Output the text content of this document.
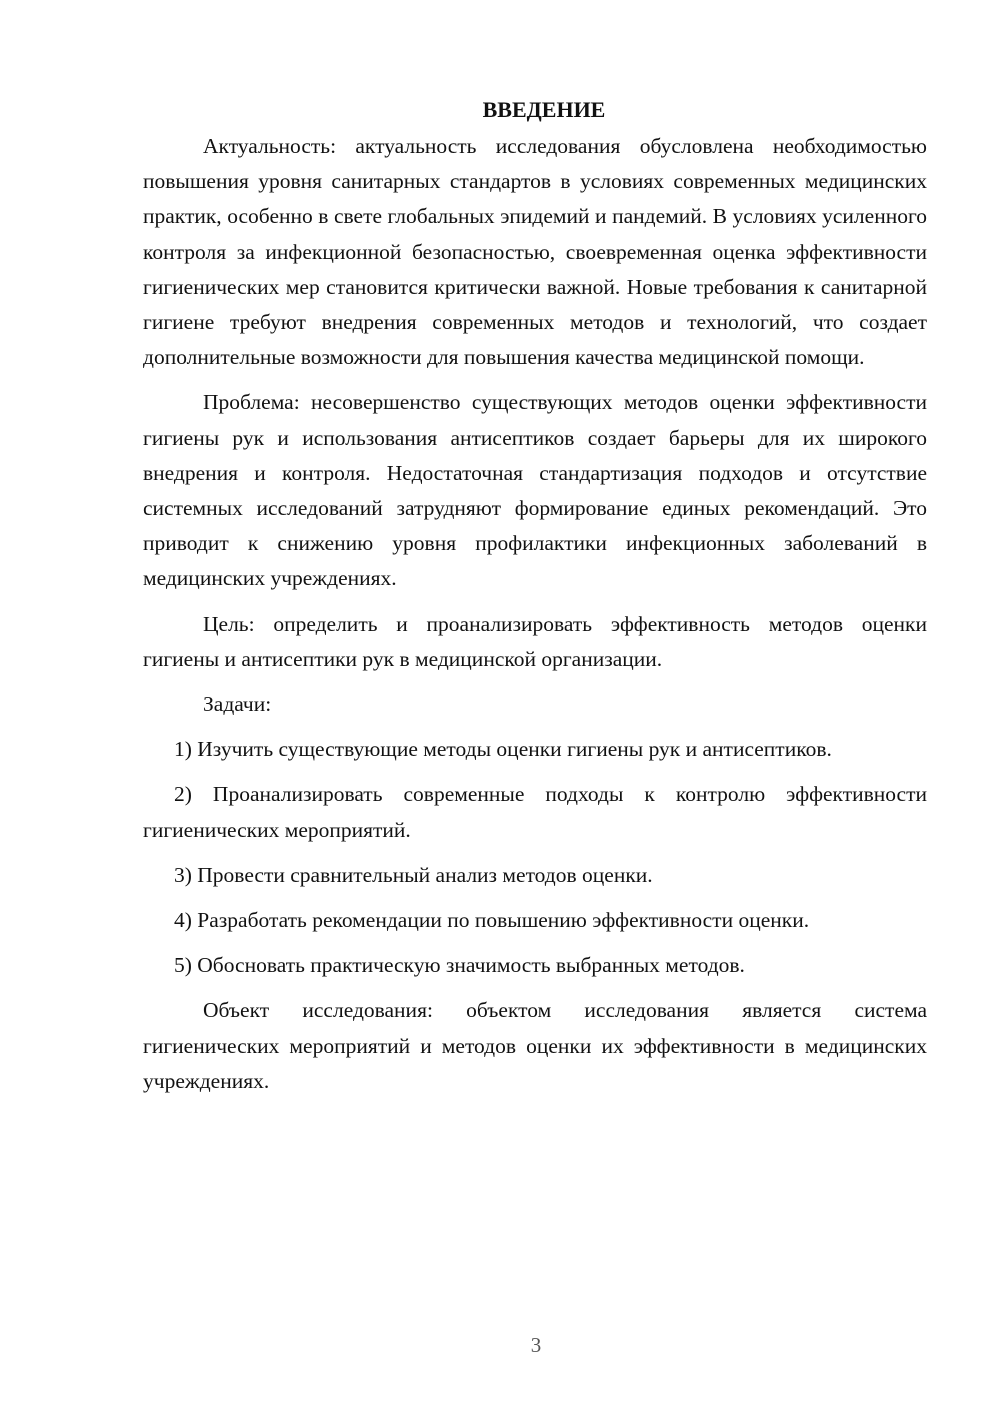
ВВЕДЕНИЕ

Актуальность: актуальность исследования обусловлена необходимостью повышения уровня санитарных стандартов в условиях современных медицинских практик, особенно в свете глобальных эпидемий и пандемий. В условиях усиленного контроля за инфекционной безопасностью, своевременная оценка эффективности гигиенических мер становится критически важной. Новые требования к санитарной гигиене требуют внедрения современных методов и технологий, что создает дополнительные возможности для повышения качества медицинской помощи.

Проблема: несовершенство существующих методов оценки эффективности гигиены рук и использования антисептиков создает барьеры для их широкого внедрения и контроля. Недостаточная стандартизация подходов и отсутствие системных исследований затрудняют формирование единых рекомендаций. Это приводит к снижению уровня профилактики инфекционных заболеваний в медицинских учреждениях.

Цель: определить и проанализировать эффективность методов оценки гигиены и антисептики рук в медицинской организации.

Задачи:

1) Изучить существующие методы оценки гигиены рук и антисептиков.

2) Проанализировать современные подходы к контролю эффективности гигиенических мероприятий.

3) Провести сравнительный анализ методов оценки.

4) Разработать рекомендации по повышению эффективности оценки.

5) Обосновать практическую значимость выбранных методов.

Объект исследования: объектом исследования является система гигиенических мероприятий и методов оценки их эффективности в медицинских учреждениях.

3
